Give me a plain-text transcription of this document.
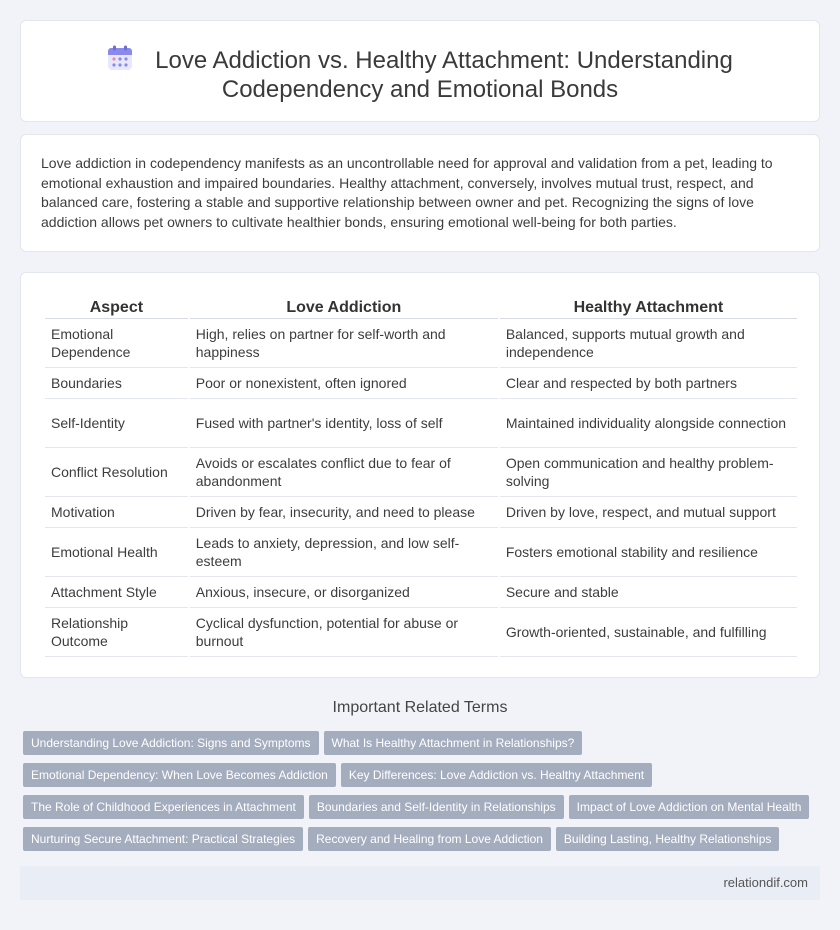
Love Addiction vs. Healthy Attachment: Understanding
Codependency and Emotional Bonds

Love addiction in codependency manifests as an uncontrollable need for approval and validation from a pet, leading to emotional exhaustion and impaired boundaries. Healthy attachment, conversely, involves mutual trust, respect, and balanced care, fostering a stable and supportive relationship between owner and pet. Recognizing the signs of love addiction allows pet owners to cultivate healthier bonds, ensuring emotional well-being for both parties.

Aspect	Love Addiction	Healthy Attachment
Emotional Dependence	High, relies on partner for self-worth and happiness	Balanced, supports mutual growth and independence
Boundaries	Poor or nonexistent, often ignored	Clear and respected by both partners
Self-Identity	Fused with partner's identity, loss of self	Maintained individuality alongside connection
Conflict Resolution	Avoids or escalates conflict due to fear of abandonment	Open communication and healthy problem-solving
Motivation	Driven by fear, insecurity, and need to please	Driven by love, respect, and mutual support
Emotional Health	Leads to anxiety, depression, and low self-esteem	Fosters emotional stability and resilience
Attachment Style	Anxious, insecure, or disorganized	Secure and stable
Relationship Outcome	Cyclical dysfunction, potential for abuse or burnout	Growth-oriented, sustainable, and fulfilling
Important Related Terms
Understanding Love Addiction: Signs and Symptoms What Is Healthy Attachment in Relationships?
Emotional Dependency: When Love Becomes Addiction Key Differences: Love Addiction vs. Healthy Attachment
The Role of Childhood Experiences in Attachment Boundaries and Self-Identity in Relationships Impact of Love Addiction on Mental Health
Nurturing Secure Attachment: Practical Strategies Recovery and Healing from Love Addiction Building Lasting, Healthy Relationships
relationdif.com
